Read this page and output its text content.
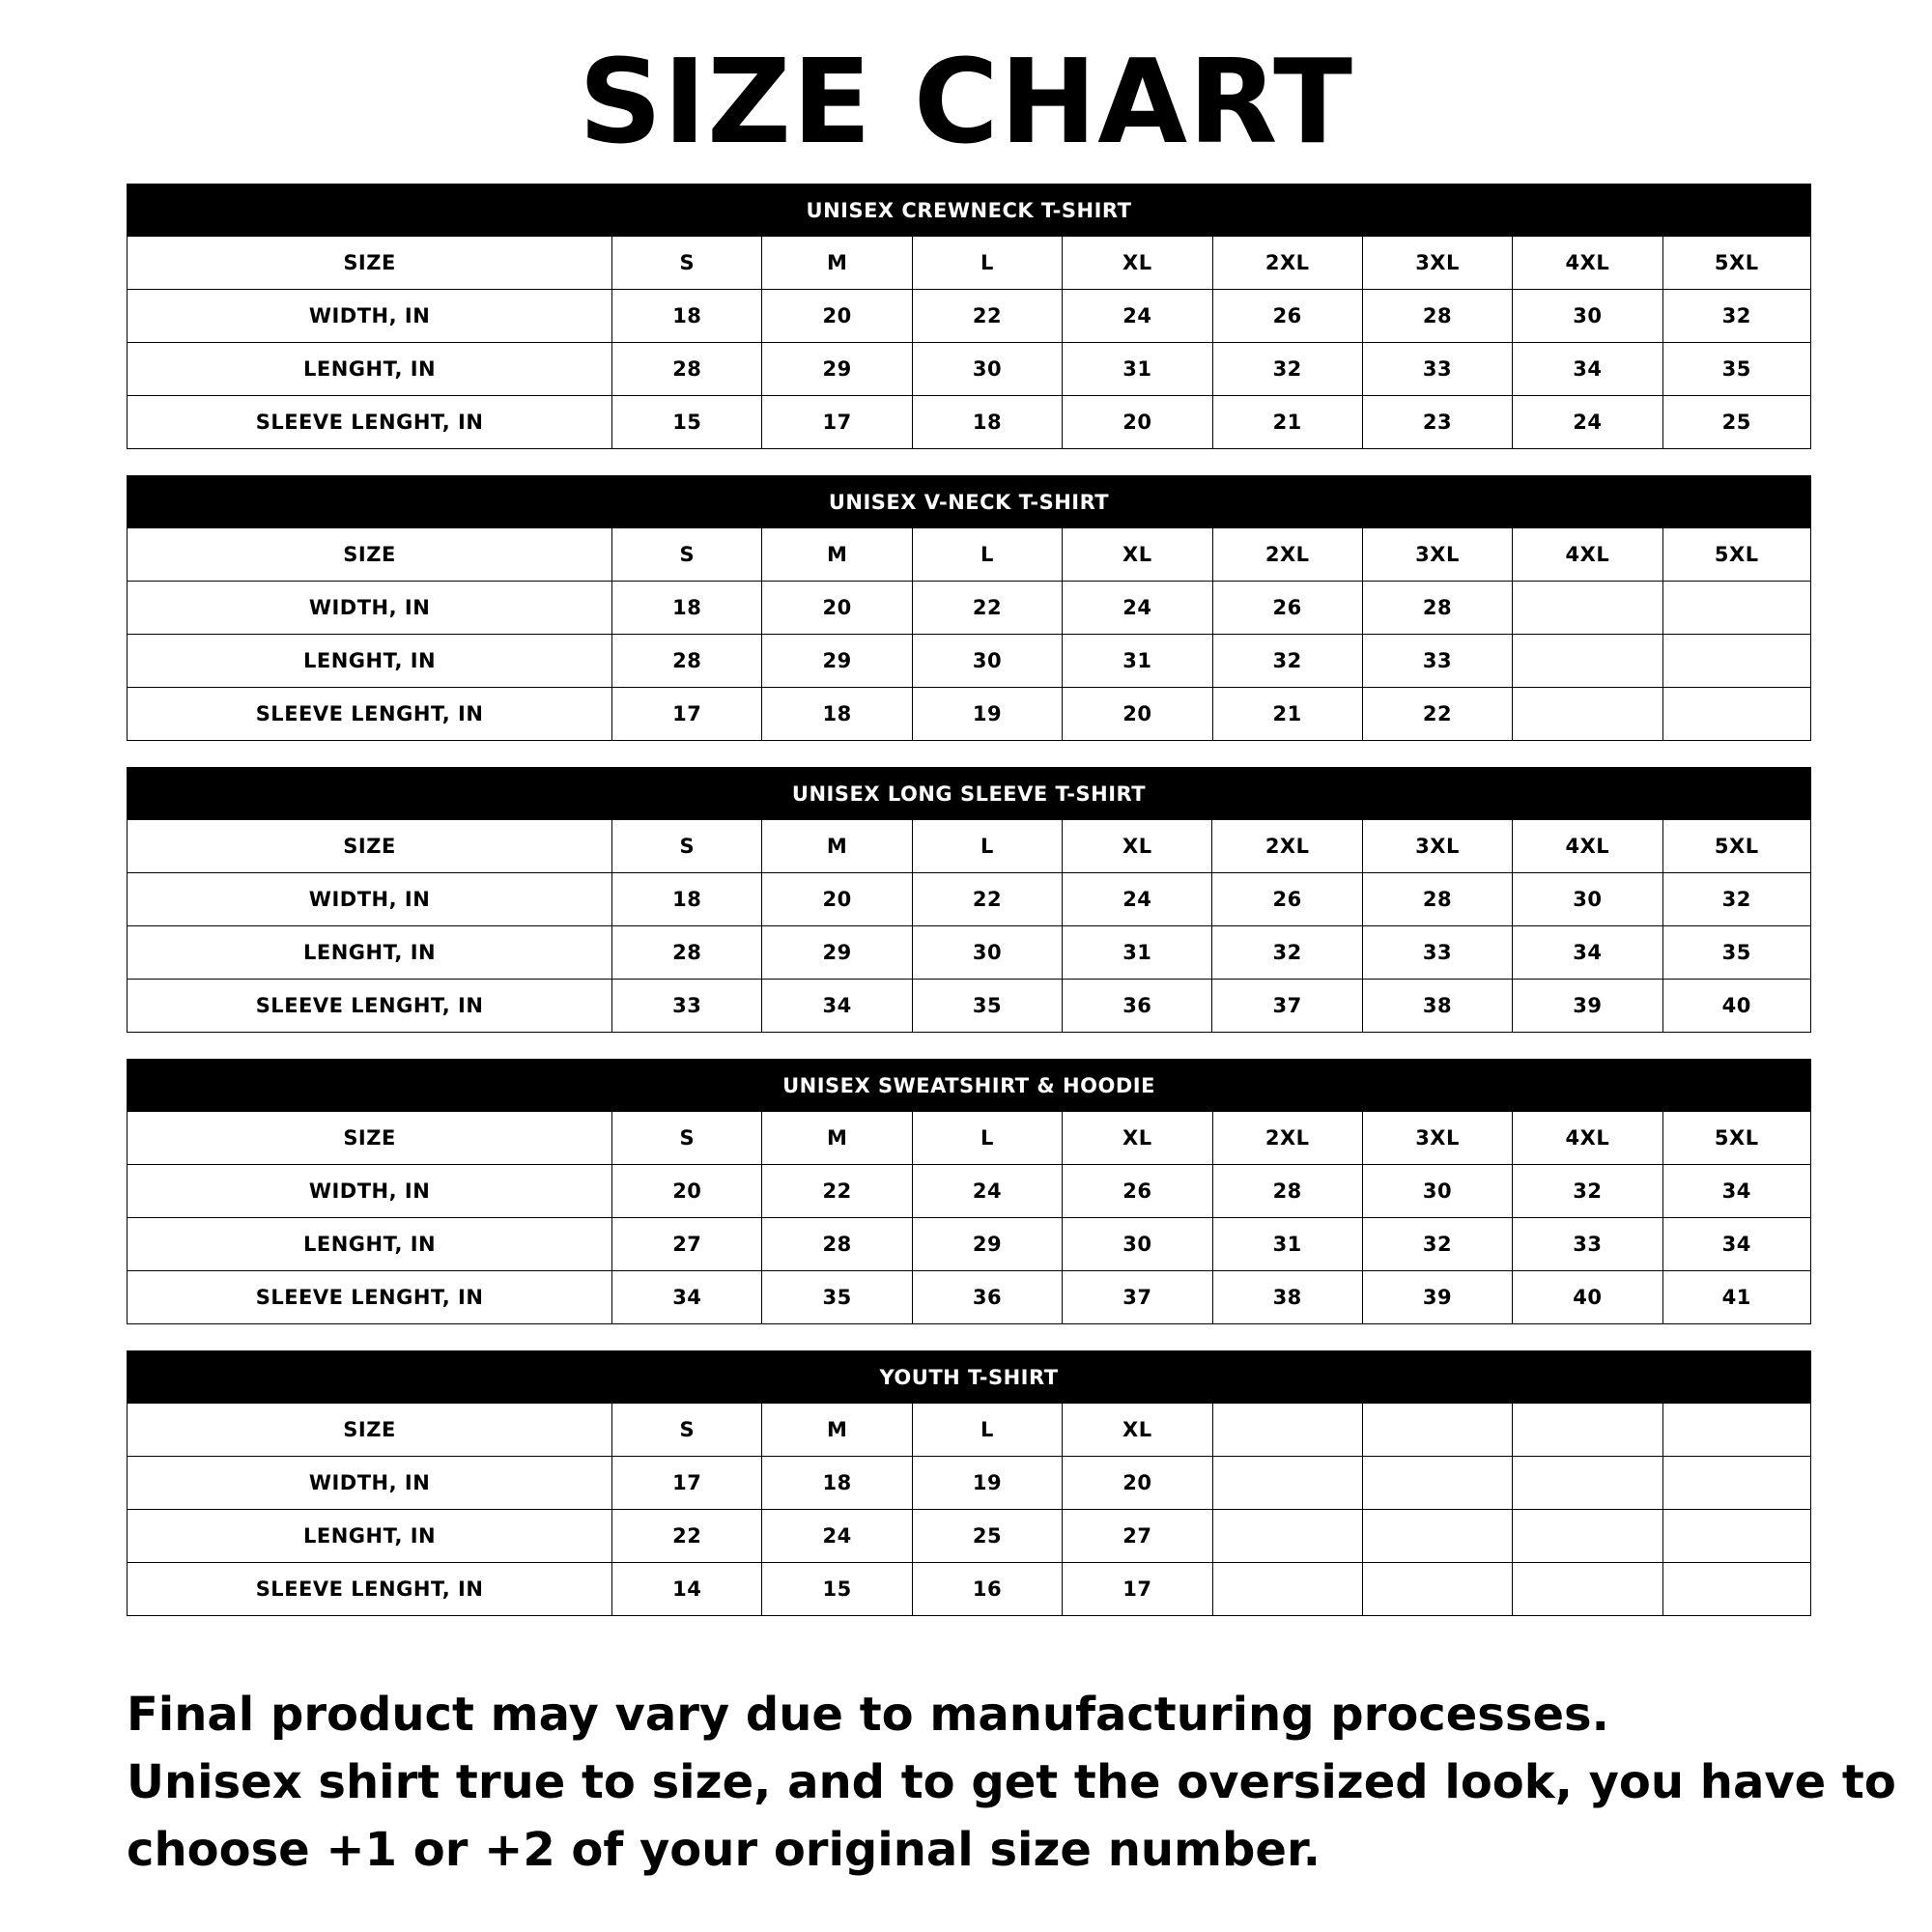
SIZE CHART
UNISEX CREWNECK T-SHIRT								
SIZE	S	M	L	XL	2XL	3XL	4XL	5XL
WIDTH, IN	18	20	22	24	26	28	30	32
LENGHT, IN	28	29	30	31	32	33	34	35
SLEEVE LENGHT, IN	15	17	18	20	21	23	24	25
UNISEX V-NECK T-SHIRT								
SIZE	S	M	L	XL	2XL	3XL	4XL	5XL
WIDTH, IN	18	20	22	24	26	28		
LENGHT, IN	28	29	30	31	32	33		
SLEEVE LENGHT, IN	17	18	19	20	21	22		
UNISEX LONG SLEEVE T-SHIRT								
SIZE	S	M	L	XL	2XL	3XL	4XL	5XL
WIDTH, IN	18	20	22	24	26	28	30	32
LENGHT, IN	28	29	30	31	32	33	34	35
SLEEVE LENGHT, IN	33	34	35	36	37	38	39	40
UNISEX SWEATSHIRT & HOODIE								
SIZE	S	M	L	XL	2XL	3XL	4XL	5XL
WIDTH, IN	20	22	24	26	28	30	32	34
LENGHT, IN	27	28	29	30	31	32	33	34
SLEEVE LENGHT, IN	34	35	36	37	38	39	40	41
YOUTH T-SHIRT								
SIZE	S	M	L	XL				
WIDTH, IN	17	18	19	20				
LENGHT, IN	22	24	25	27				
SLEEVE LENGHT, IN	14	15	16	17				
Final product may vary due to manufacturing processes.
Unisex shirt true to size, and to get the oversized look, you have to
choose +1 or +2 of your original size number.
